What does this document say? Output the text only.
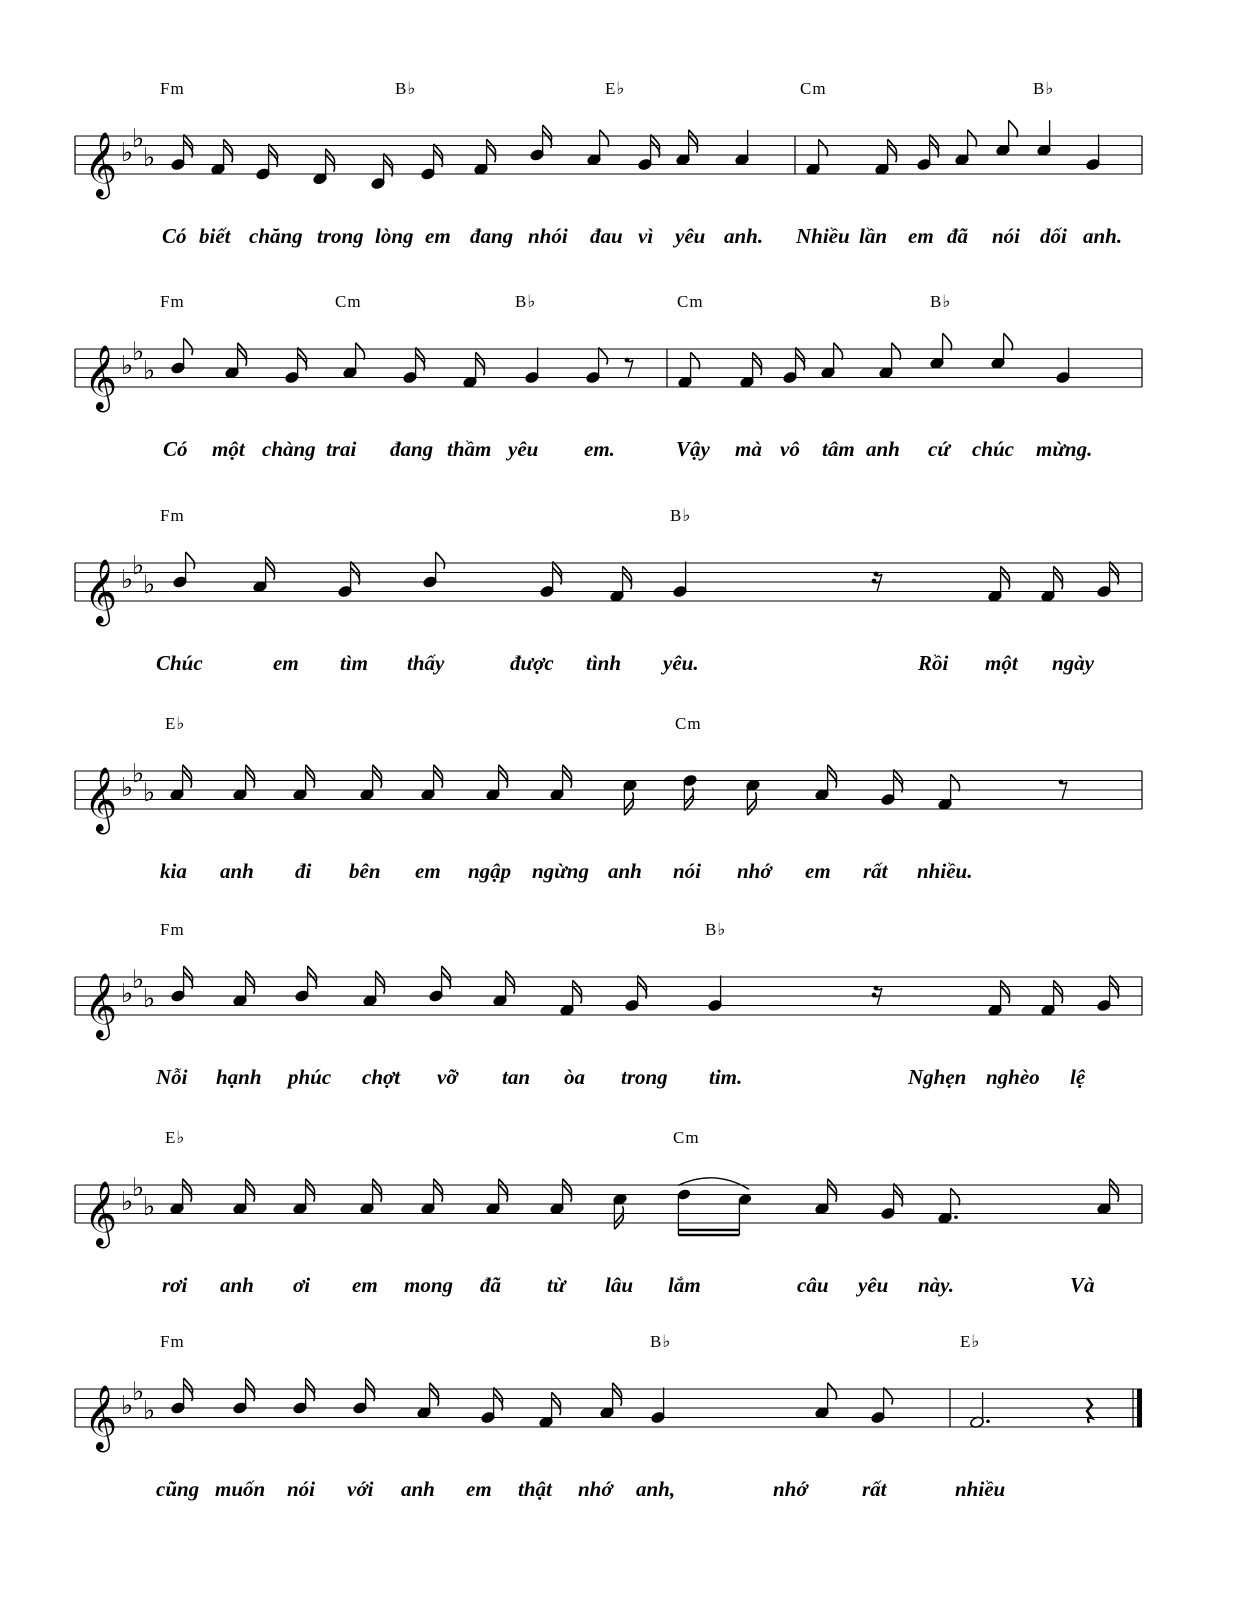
𝄞 ♭
♭
♭
Fm	B♭	E♭	Cm	B♭
Có biết chăng trong lòng em đang nhói đau vì yêu anh. Nhiều lần em đã nói dối anh.
𝄞 ♭
♭
♭
Fm	Cm	B♭	Cm	B♭
Có một chàng trai đang thầm yêu em.	Vậy mà vô tâm anh cứ chúc mừng.
𝄞 ♭
♭
♭
Fm	B♭
Chúc	em tìm thấy	được tình yêu.	Rồi một ngày
𝄞 ♭
♭
♭
E♭	Cm
kia anh đi bên em ngập ngừng anh nói nhớ em rất nhiều.
𝄞 ♭
♭
♭
Fm	B♭
Nỗi hạnh phúc chợt vỡ tan òa trong tim.	Nghẹn nghèo lệ
𝄞 ♭
♭
♭
E♭	Cm
rơi anh ơi em mong đã từ lâu lắm	câu yêu này.	Và
𝄞 ♭
♭
♭
Fm	B♭	E♭
cũng muốn nói với anh em thật nhớ anh,	nhớ	rất	nhiều
